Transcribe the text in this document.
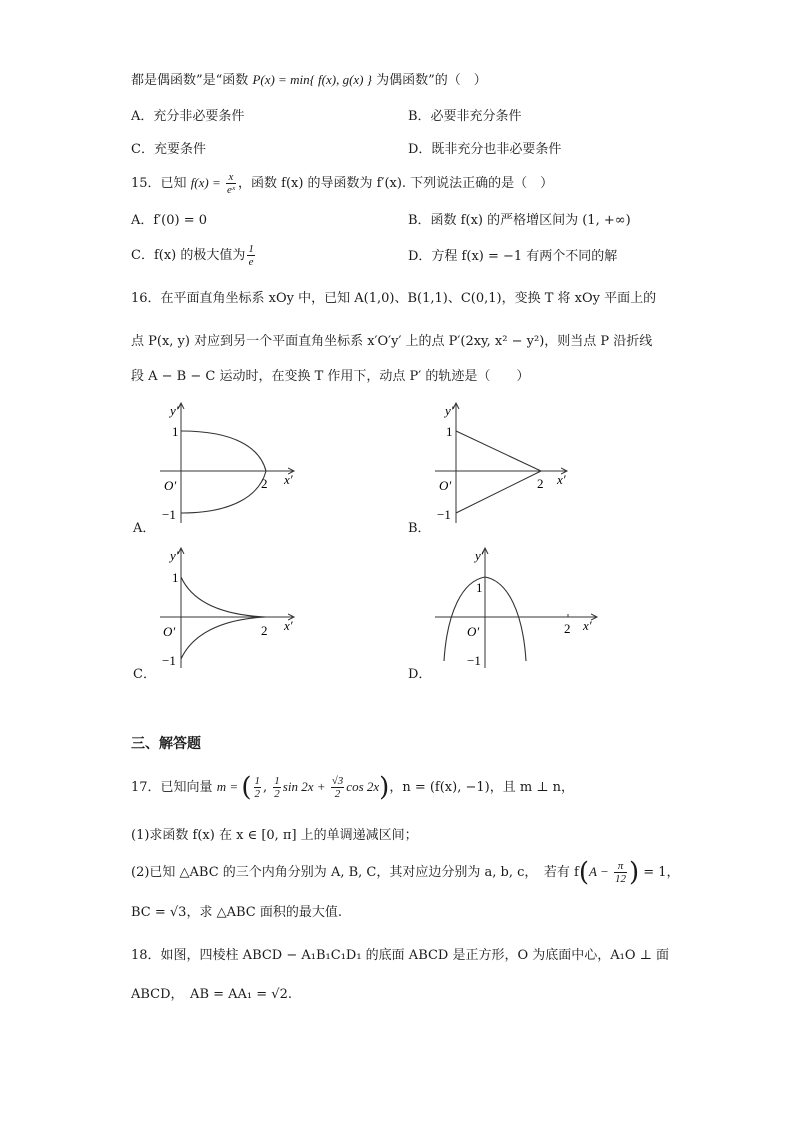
都是偶函数”是“函数 P(x) = min{ f(x), g(x) } 为偶函数”的（　）
A．充分非必要条件	B．必要非充分条件
C．充要条件	D．既非充分也非必要条件
15．已知 $f(x) = \frac{x}{\text{eˣ}}$ ，函数 f(x) 的导函数为 f′(x). 下列说法正确的是（　）
A．f′(0) = 0	B．函数 f(x) 的严格增区间为 (1, +∞)
C．f(x) 的极大值为 $\frac{1}{e}$	D．方程 f(x) = −1 有两个不同的解
16．在平面直角坐标系 xOy 中，已知 A(1,0)、B(1,1)、C(0,1)，变换 T 将 xOy 平面上的
点 P(x, y) 对应到另一个平面直角坐标系 x′O′y′ 上的点 P′(2xy, x² − y²)，则当点 P 沿折线
段 A − B − C 运动时，在变换 T 作用下，动点 P′ 的轨迹是（　　）
y′
x′
O′
1
−1
2
A．
y′
x′
O′
1
−1
2
B．
y′
x′
O′
1
−1
2
C．
y′
x′
O′
1
−1
2
D．
三、解答题
17．已知向量 m = ( $\frac{1}{2}$ , $\frac{1}{2}$ $\sin 2x + \frac{√3}{2}$ cos 2x)，n = (f(x), −1)，且 m ⊥ n，
(1)求函数 f(x) 在 x ∈ [0, π] 上的单调递减区间；
(2)已知 △ABC 的三个内角分别为 A, B, C，其对应边分别为 a, b, c，　若有 $f(A - \frac{\pi}{12}$ ) = 1，
BC = √3，求 △ABC 面积的最大值.
18．如图，四棱柱 ABCD − A₁B₁C₁D₁ 的底面 ABCD 是正方形，O 为底面中心，A₁O ⊥ 面
ABCD，　AB = AA₁ = √2.
